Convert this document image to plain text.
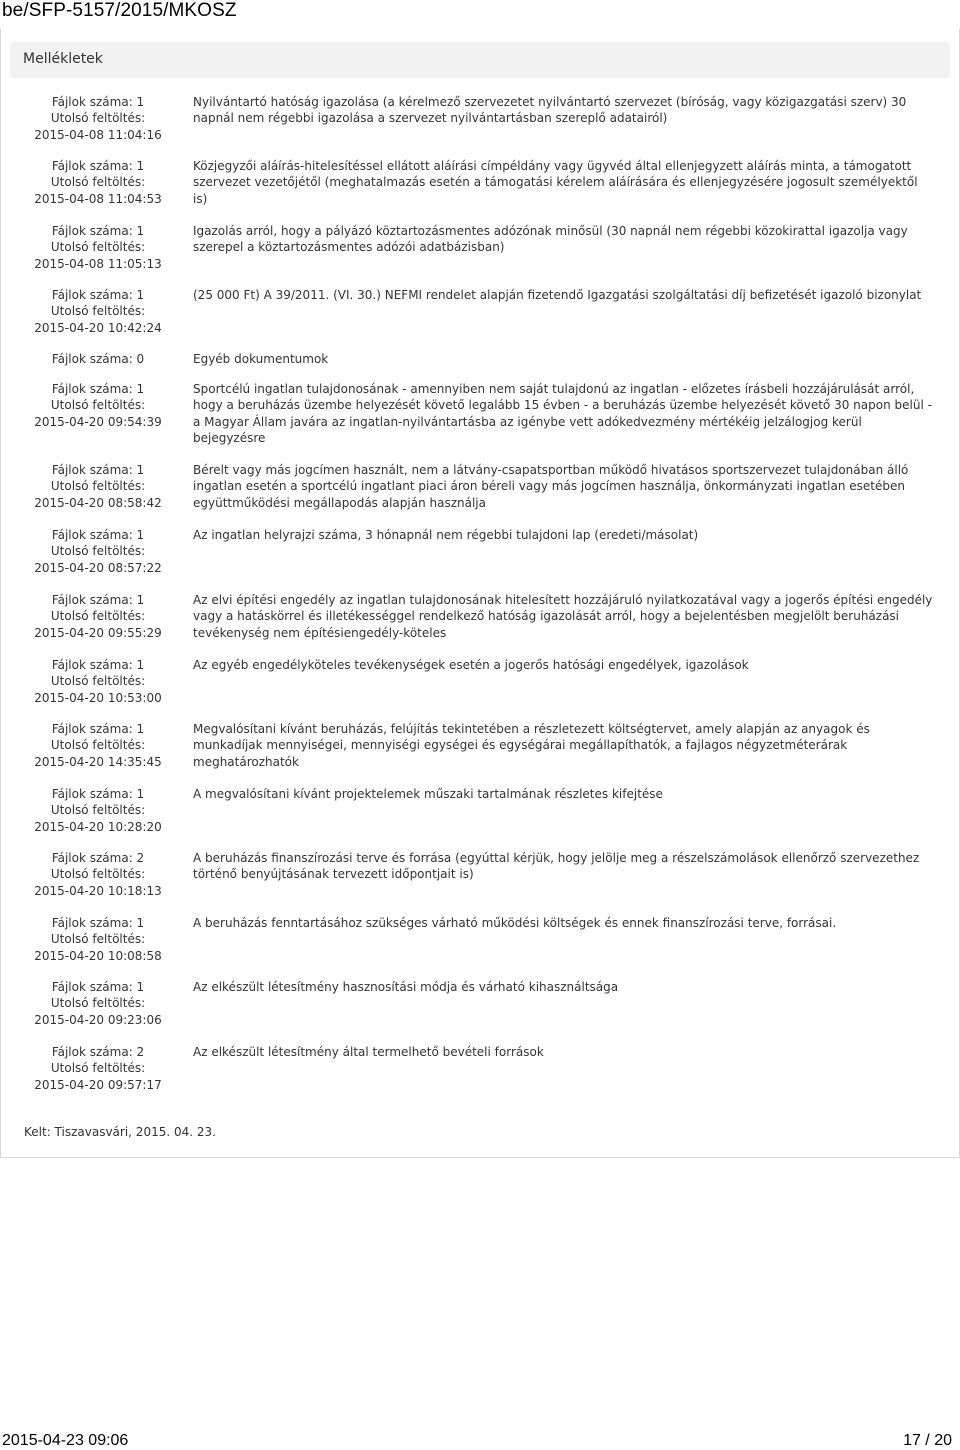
be/SFP-5157/2015/MKOSZ
Mellékletek
Fájlok száma: 1
Utolsó feltöltés:
2015-04-08 11:04:16
Nyilvántartó hatóság igazolása (a kérelmező szervezetet nyilvántartó szervezet (bíróság, vagy közigazgatási szerv) 30 napnál nem régebbi igazolása a szervezet nyilvántartásban szereplő adatairól)
Fájlok száma: 1
Utolsó feltöltés:
2015-04-08 11:04:53
Közjegyzői aláírás-hitelesítéssel ellátott aláírási címpéldány vagy ügyvéd által ellenjegyzett aláírás minta, a támogatott szervezet vezetőjétől (meghatalmazás esetén a támogatási kérelem aláírására és ellenjegyzésére jogosult személyektől is)
Fájlok száma: 1
Utolsó feltöltés:
2015-04-08 11:05:13
Igazolás arról, hogy a pályázó köztartozásmentes adózónak minősül (30 napnál nem régebbi közokirattal igazolja vagy szerepel a köztartozásmentes adózói adatbázisban)
Fájlok száma: 1
Utolsó feltöltés:
2015-04-20 10:42:24
(25 000 Ft) A 39/2011. (VI. 30.) NEFMI rendelet alapján fizetendő Igazgatási szolgáltatási díj befizetését igazoló bizonylat
Fájlok száma: 0	Egyéb dokumentumok
Fájlok száma: 1
Utolsó feltöltés:
2015-04-20 09:54:39
Sportcélú ingatlan tulajdonosának - amennyiben nem saját tulajdonú az ingatlan - előzetes írásbeli hozzájárulását arról, hogy a beruházás üzembe helyezését követő legalább 15 évben - a beruházás üzembe helyezését követő 30 napon belül - a Magyar Állam javára az ingatlan-nyilvántartásba az igénybe vett adókedvezmény mértékéig jelzálogjog kerül bejegyzésre
Fájlok száma: 1
Utolsó feltöltés:
2015-04-20 08:58:42
Bérelt vagy más jogcímen használt, nem a látvány-csapatsportban működő hivatásos sportszervezet tulajdonában álló ingatlan esetén a sportcélú ingatlant piaci áron béreli vagy más jogcímen használja, önkormányzati ingatlan esetében együttműködési megállapodás alapján használja
Fájlok száma: 1
Utolsó feltöltés:
2015-04-20 08:57:22
Az ingatlan helyrajzi száma, 3 hónapnál nem régebbi tulajdoni lap (eredeti/másolat)
Fájlok száma: 1
Utolsó feltöltés:
2015-04-20 09:55:29
Az elvi építési engedély az ingatlan tulajdonosának hitelesített hozzájáruló nyilatkozatával vagy a jogerős építési engedély vagy a hatáskörrel és illetékességgel rendelkező hatóság igazolását arról, hogy a bejelentésben megjelölt beruházási tevékenység nem építésiengedély-köteles
Fájlok száma: 1
Utolsó feltöltés:
2015-04-20 10:53:00
Az egyéb engedélyköteles tevékenységek esetén a jogerős hatósági engedélyek, igazolások
Fájlok száma: 1
Utolsó feltöltés:
2015-04-20 14:35:45
Megvalósítani kívánt beruházás, felújítás tekintetében a részletezett költségtervet, amely alapján az anyagok és munkadíjak mennyiségei, mennyiségi egységei és egységárai megállapíthatók, a fajlagos négyzetméterárak meghatározhatók
Fájlok száma: 1
Utolsó feltöltés:
2015-04-20 10:28:20
A megvalósítani kívánt projektelemek műszaki tartalmának részletes kifejtése
Fájlok száma: 2
Utolsó feltöltés:
2015-04-20 10:18:13
A beruházás finanszírozási terve és forrása (egyúttal kérjük, hogy jelölje meg a részelszámolások ellenőrző szervezethez történő benyújtásának tervezett időpontjait is)
Fájlok száma: 1
Utolsó feltöltés:
2015-04-20 10:08:58
A beruházás fenntartásához szükséges várható működési költségek és ennek finanszírozási terve, forrásai.
Fájlok száma: 1
Utolsó feltöltés:
2015-04-20 09:23:06
Az elkészült létesítmény hasznosítási módja és várható kihasználtsága
Fájlok száma: 2
Utolsó feltöltés:
2015-04-20 09:57:17
Az elkészült létesítmény által termelhető bevételi források
Kelt: Tiszavasvári, 2015. 04. 23.
2015-04-23 09:06	17 / 20
